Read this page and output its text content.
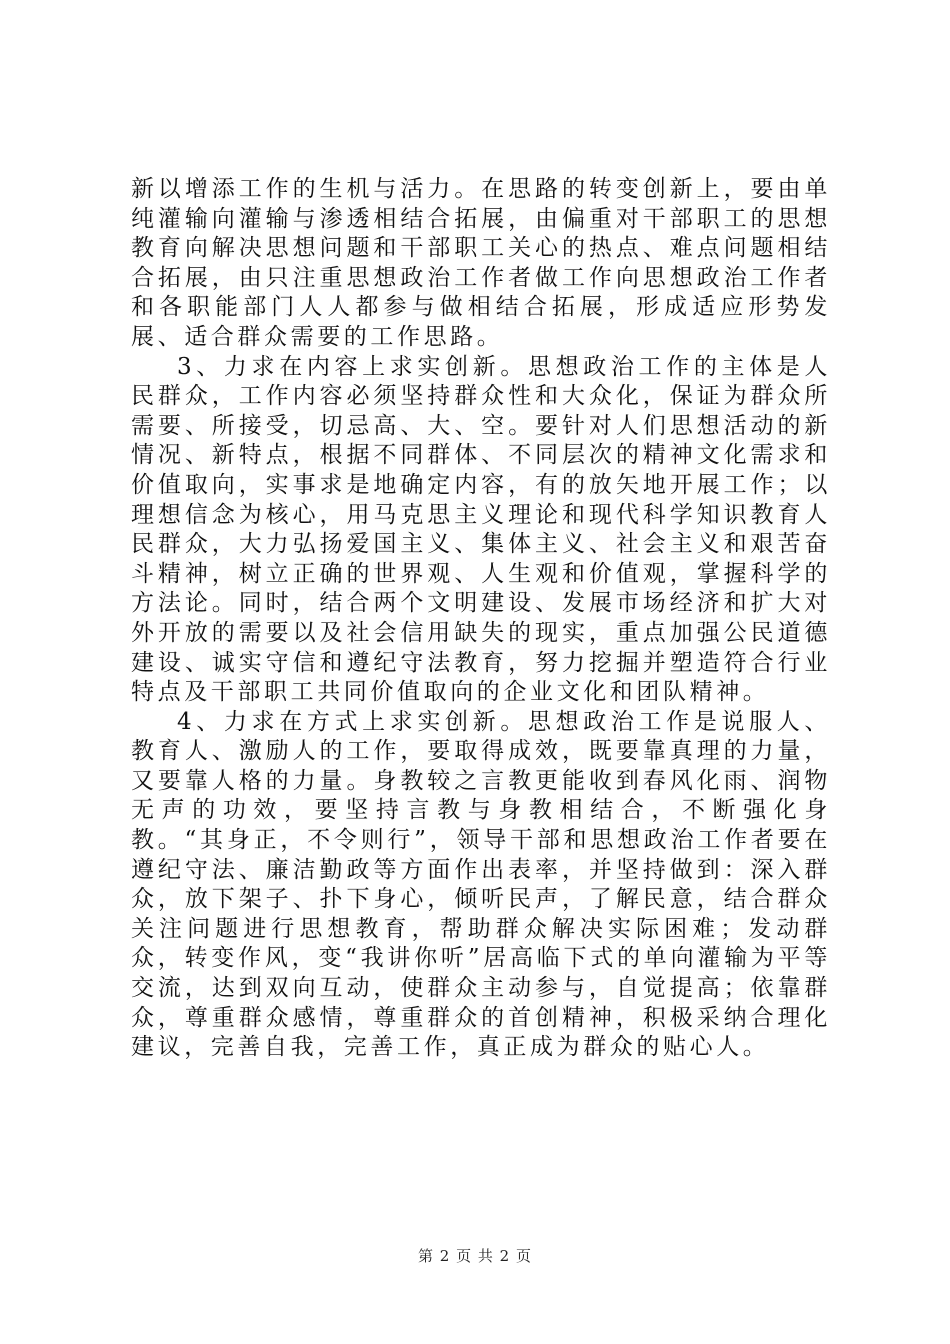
新以增添工作的生机与活力。在思路的转变创新上，要由单纯灌输向灌输与渗透相结合拓展，由偏重对干部职工的思想教育向解决思想问题和干部职工关心的热点、难点问题相结合拓展，由只注重思想政治工作者做工作向思想政治工作者和各职能部门人人都参与做相结合拓展，形成适应形势发展、适合群众需要的工作思路。

3、力求在内容上求实创新。思想政治工作的主体是人民群众，工作内容必须坚持群众性和大众化，保证为群众所需要、所接受，切忌高、大、空。要针对人们思想活动的新情况、新特点，根据不同群体、不同层次的精神文化需求和价值取向，实事求是地确定内容，有的放矢地开展工作；以理想信念为核心，用马克思主义理论和现代科学知识教育人民群众，大力弘扬爱国主义、集体主义、社会主义和艰苦奋斗精神，树立正确的世界观、人生观和价值观，掌握科学的方法论。同时，结合两个文明建设、发展市场经济和扩大对外开放的需要以及社会信用缺失的现实，重点加强公民道德建设、诚实守信和遵纪守法教育，努力挖掘并塑造符合行业特点及干部职工共同价值取向的企业文化和团队精神。

4、力求在方式上求实创新。思想政治工作是说服人、教育人、激励人的工作，要取得成效，既要靠真理的力量，又要靠人格的力量。身教较之言教更能收到春风化雨、润物无声的功效，要坚持言教与身教相结合，不断强化身教。“其身正，不令则行”，领导干部和思想政治工作者要在遵纪守法、廉洁勤政等方面作出表率，并坚持做到：深入群众，放下架子、扑下身心，倾听民声，了解民意，结合群众关注问题进行思想教育，帮助群众解决实际困难；发动群众，转变作风，变“我讲你听”居高临下式的单向灌输为平等交流，达到双向互动，使群众主动参与，自觉提高；依靠群众，尊重群众感情，尊重群众的首创精神，积极采纳合理化建议，完善自我，完善工作，真正成为群众的贴心人。

第 2 页 共 2 页
